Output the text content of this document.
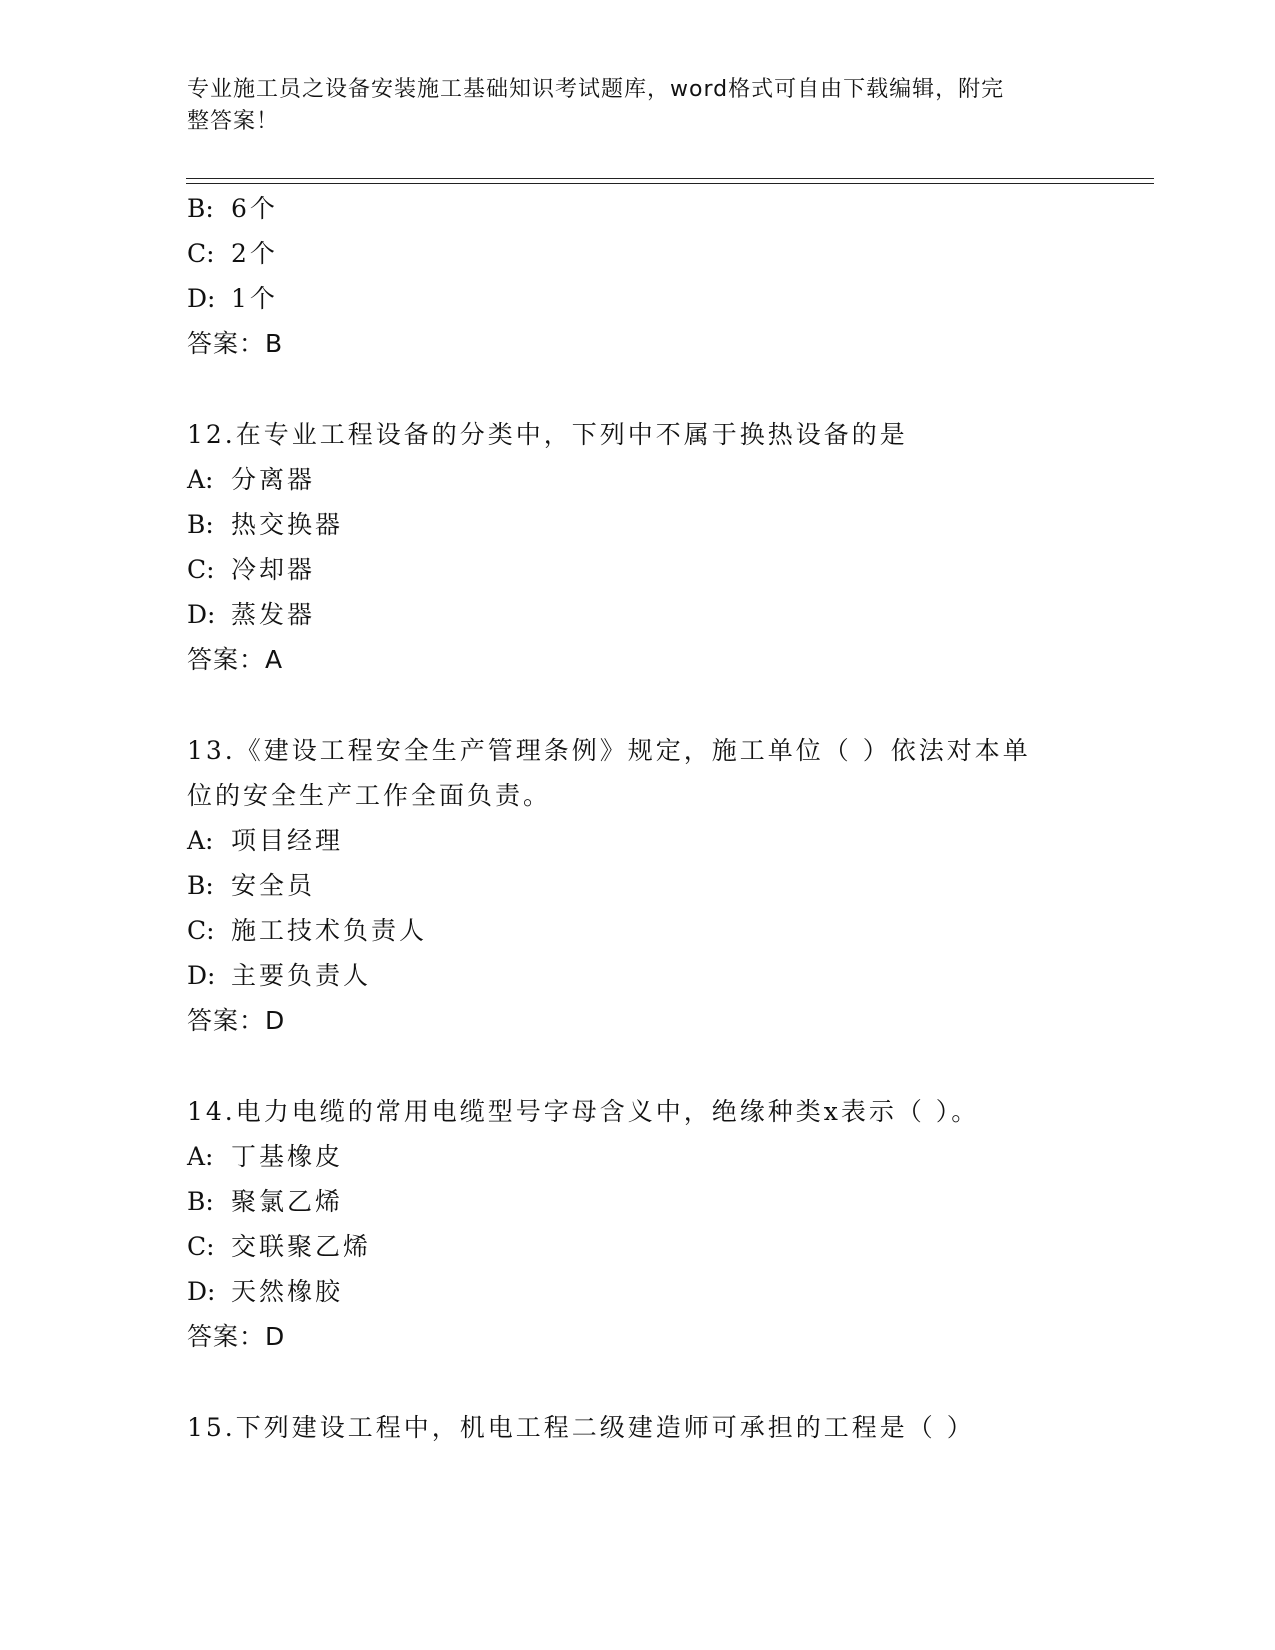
专业施工员之设备安装施工基础知识考试题库，word格式可自由下载编辑，附完
整答案！
B: 6个
C: 2个
D: 1个
答案：B
12.在专业工程设备的分类中，下列中不属于换热设备的是
A: 分离器
B: 热交换器
C: 冷却器
D: 蒸发器
答案：A
13.《建设工程安全生产管理条例》规定，施工单位（ ）依法对本单
位的安全生产工作全面负责。
A: 项目经理
B: 安全员
C: 施工技术负责人
D: 主要负责人
答案：D
14.电力电缆的常用电缆型号字母含义中，绝缘种类x表示（ ）。
A: 丁基橡皮
B: 聚氯乙烯
C: 交联聚乙烯
D: 天然橡胶
答案：D
15.下列建设工程中，机电工程二级建造师可承担的工程是（ ）
